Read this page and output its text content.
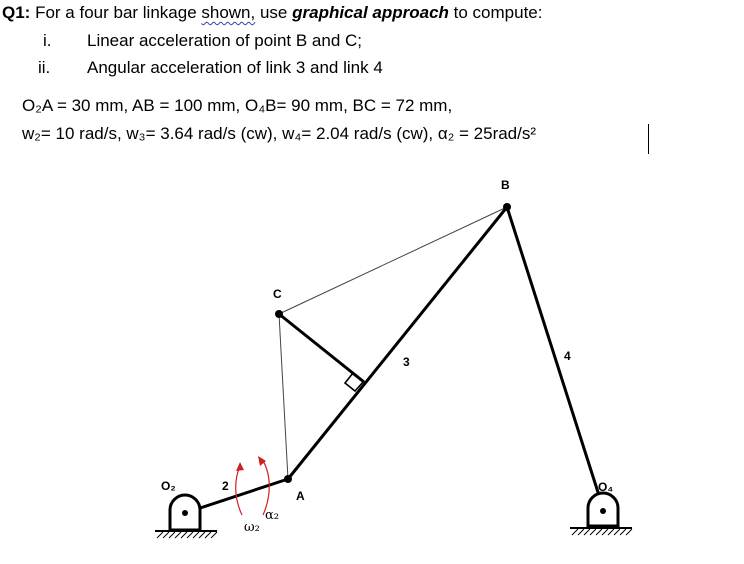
Q1: For a four bar linkage shown, use graphical approach to compute:
i. Linear acceleration of point B and C;
ii. Angular acceleration of link 3 and link 4
O₂A = 30 mm, AB = 100 mm, O₄B= 90 mm, BC = 72 mm,
w₂= 10 rad/s, w₃= 3.64 rad/s (cw), w₄= 2.04 rad/s (cw), α₂ = 25rad/s²
B
C
A
3	4
2
O₂	O₄
ω₂
α₂
